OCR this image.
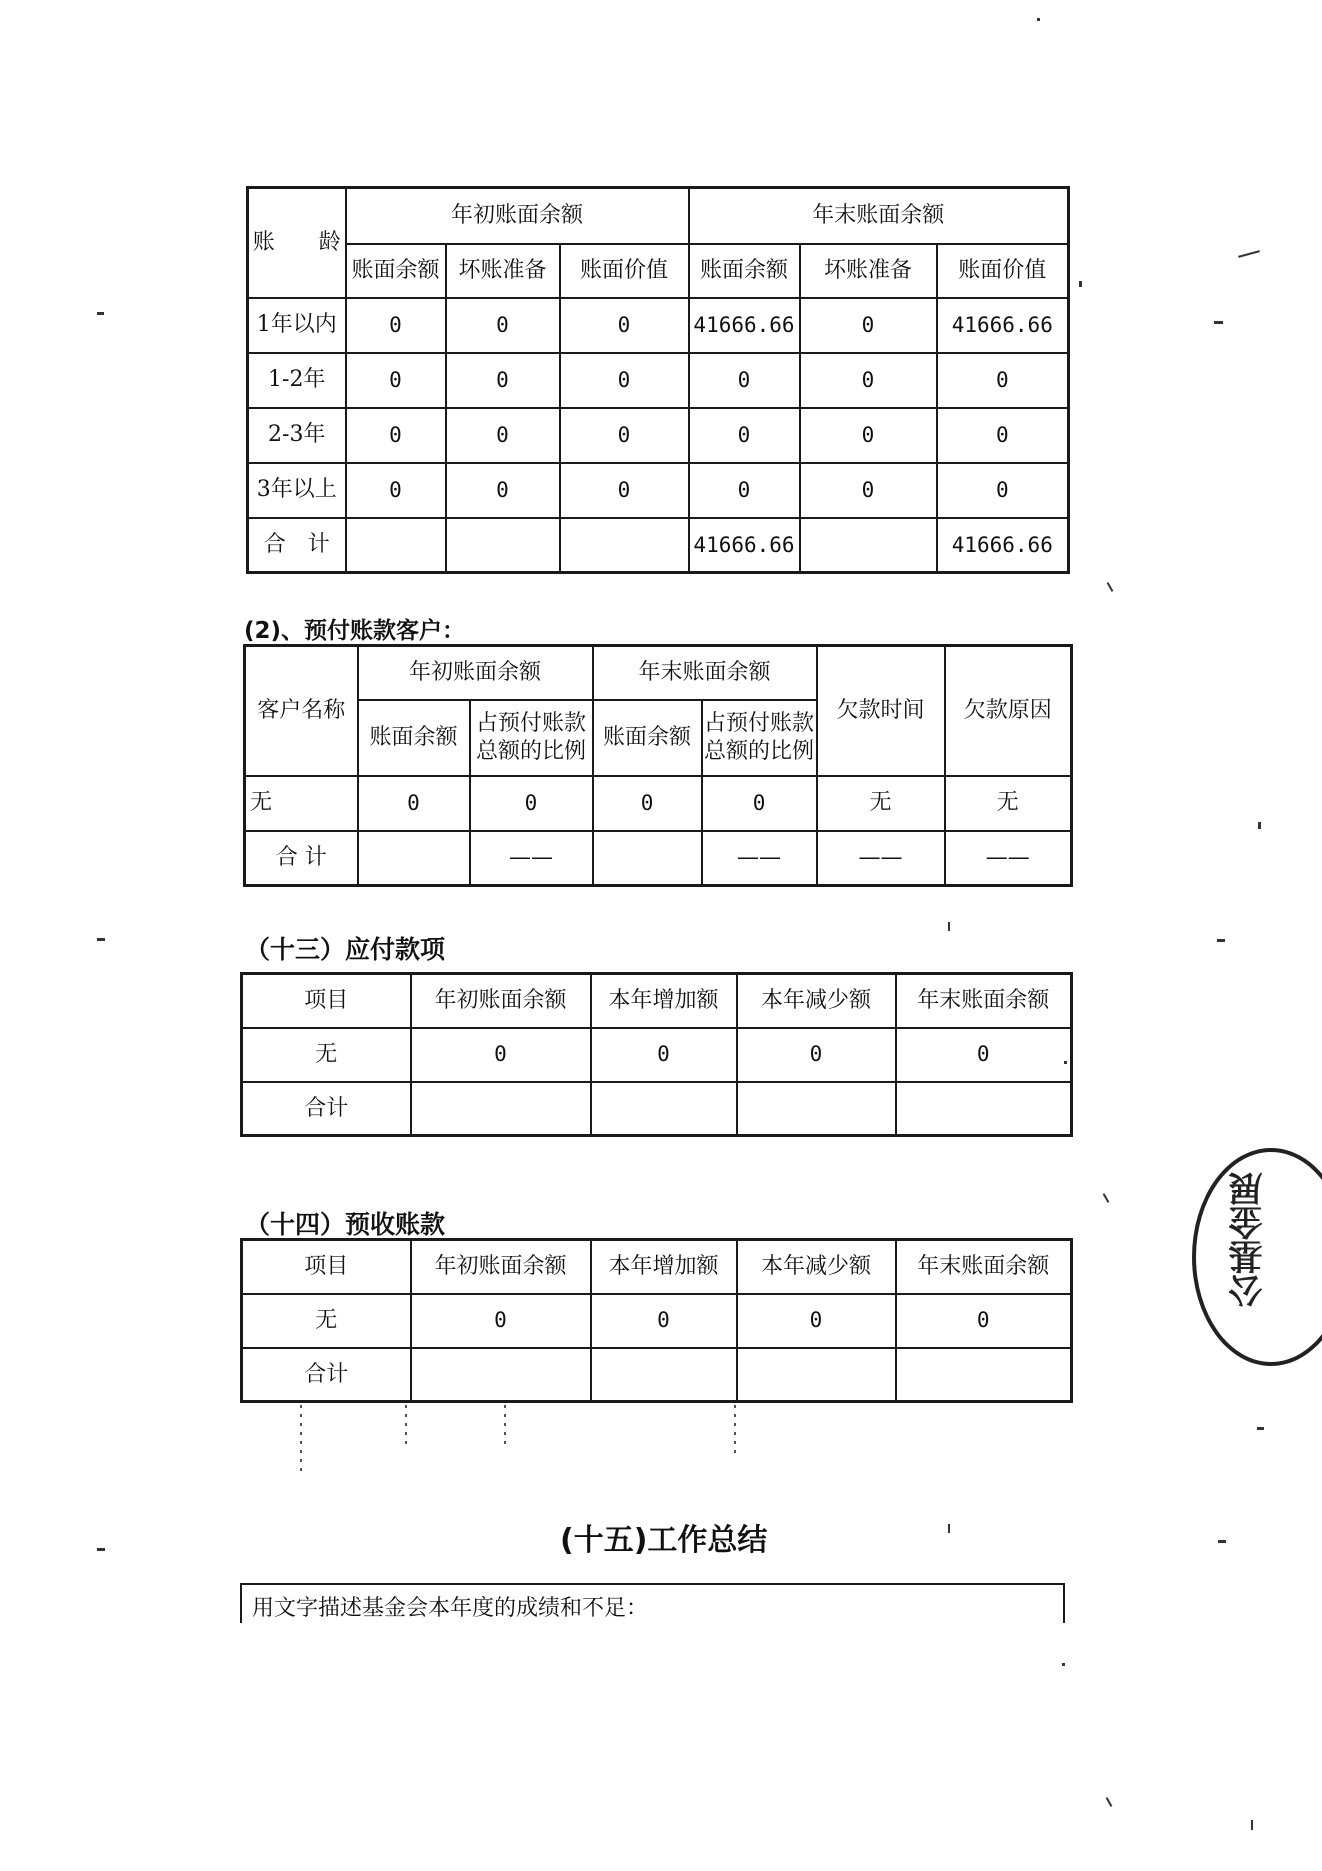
账　　龄	年初账面余额			年末账面余额		
	账面余额	坏账准备	账面价值	账面余额	坏账准备	账面价值
1年以内	0	0	0	41666.66	0	41666.66
1-2年	0	0	0	0	0	0
2-3年	0	0	0	0	0	0
3年以上	0	0	0	0	0	0
合　计				41666.66		41666.66
(2)、预付账款客户：
客户名称	年初账面余额		年末账面余额		欠款时间	欠款原因
	账面余额	占预付账款总额的比例	账面余额	占预付账款总额的比例		
无	0	0	0	0	无	无
合 计		——		——	——	——
（十三）应付款项
项目	年初账面余额	本年增加额	本年减少额	年末账面余额
无	0	0	0	0
合计				
（十四）预收账款
项目	年初账面余额	本年增加额	本年减少额	年末账面余额
无	0	0	0	0
合计				
(十五)工作总结
用文字描述基金会本年度的成绩和不足：
公基金展
